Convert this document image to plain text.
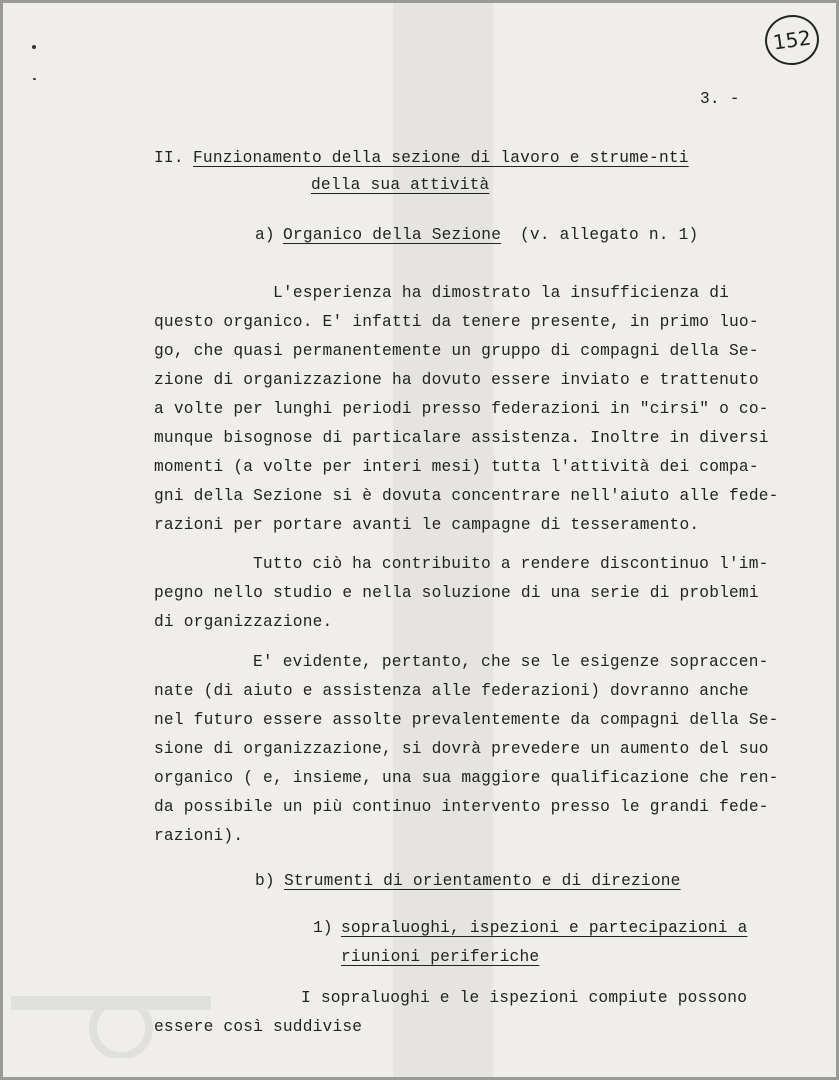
152
3. -
II. Funzionamento della sezione di lavoro e strume-nti
della sua attività
a) Organico della Sezione (v. allegato n. 1)
L'esperienza ha dimostrato la insufficienza di
questo organico. E' infatti da tenere presente, in primo luo-
go, che quasi permanentemente un gruppo di compagni della Se-
zione di organizzazione ha dovuto essere inviato e trattenuto
a volte per lunghi periodi presso federazioni in "cirsi" o co-
munque bisognose di particalare assistenza. Inoltre in diversi
momenti (a volte per interi mesi) tutta l'attività dei compa-
gni della Sezione si è dovuta concentrare nell'aiuto alle fede-
razioni per portare avanti le campagne di tesseramento.
Tutto ciò ha contribuito a rendere discontinuo l'im-
pegno nello studio e nella soluzione di una serie di problemi
di organizzazione.
E' evidente, pertanto, che se le esigenze sopraccen-
nate (di aiuto e assistenza alle federazioni) dovranno anche
nel futuro essere assolte prevalentemente da compagni della Se-
sione di organizzazione, si dovrà prevedere un aumento del suo
organico ( e, insieme, una sua maggiore qualificazione che ren-
da possibile un più continuo intervento presso le grandi fede-
razioni).
b) Strumenti di orientamento e di direzione
1) sopraluoghi, ispezioni e partecipazioni a
riunioni periferiche
I sopraluoghi e le ispezioni compiute possono
essere così suddivise
